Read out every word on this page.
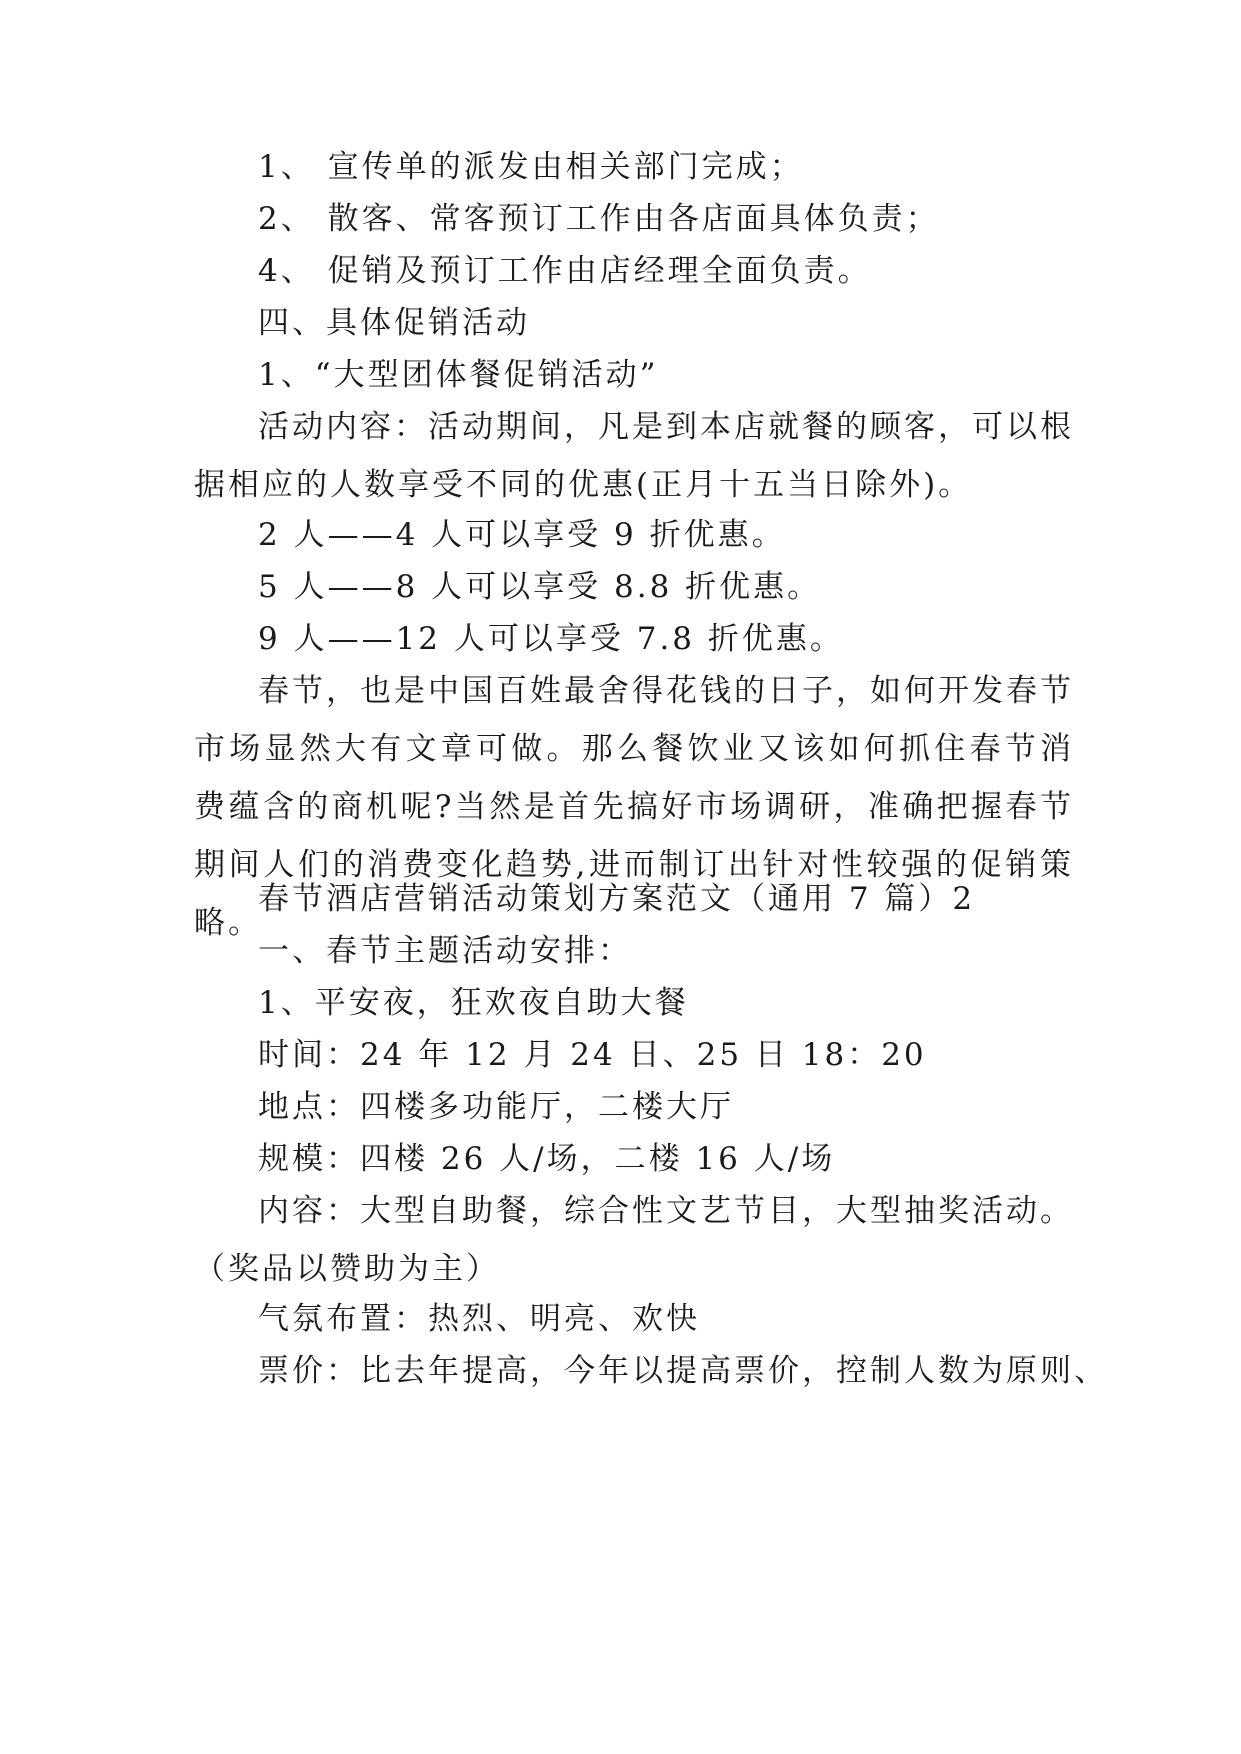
1、 宣传单的派发由相关部门完成；

2、 散客、常客预订工作由各店面具体负责；

4、 促销及预订工作由店经理全面负责。

四、具体促销活动

1、“大型团体餐促销活动”

活动内容：活动期间，凡是到本店就餐的顾客，可以根据相应的人数享受不同的优惠(正月十五当日除外)。

2 人——4 人可以享受 9 折优惠。

5 人——8 人可以享受 8.8 折优惠。

9 人——12 人可以享受 7.8 折优惠。

春节，也是中国百姓最舍得花钱的日子，如何开发春节市场显然大有文章可做。那么餐饮业又该如何抓住春节消费蕴含的商机呢?当然是首先搞好市场调研，准确把握春节期间人们的消费变化趋势,进而制订出针对性较强的促销策略。

春节酒店营销活动策划方案范文（通用 7 篇）2

一、春节主题活动安排：

1、平安夜，狂欢夜自助大餐

时间：24 年 12 月 24 日、25 日 18：20

地点：四楼多功能厅，二楼大厅

规模：四楼 26 人/场，二楼 16 人/场

内容：大型自助餐，综合性文艺节目，大型抽奖活动。（奖品以赞助为主）

气氛布置：热烈、明亮、欢快

票价：比去年提高，今年以提高票价，控制人数为原则、
